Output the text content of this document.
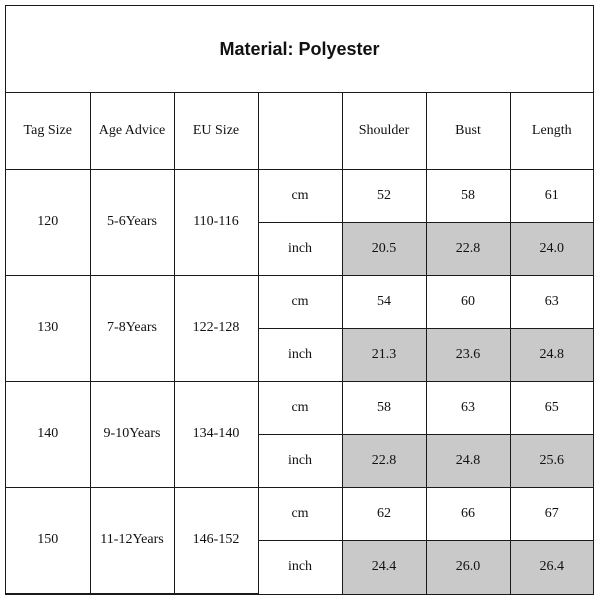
Material: Polyester
Tag Size	Age Advice	EU Size		Shoulder	Bust	Length
120	5-6Years	110-116	cm	52	58	61
			inch	20.5	22.8	24.0
130	7-8Years	122-128	cm	54	60	63
			inch	21.3	23.6	24.8
140	9-10Years	134-140	cm	58	63	65
			inch	22.8	24.8	25.6
150	11-12Years	146-152	cm	62	66	67
			inch	24.4	26.0	26.4
